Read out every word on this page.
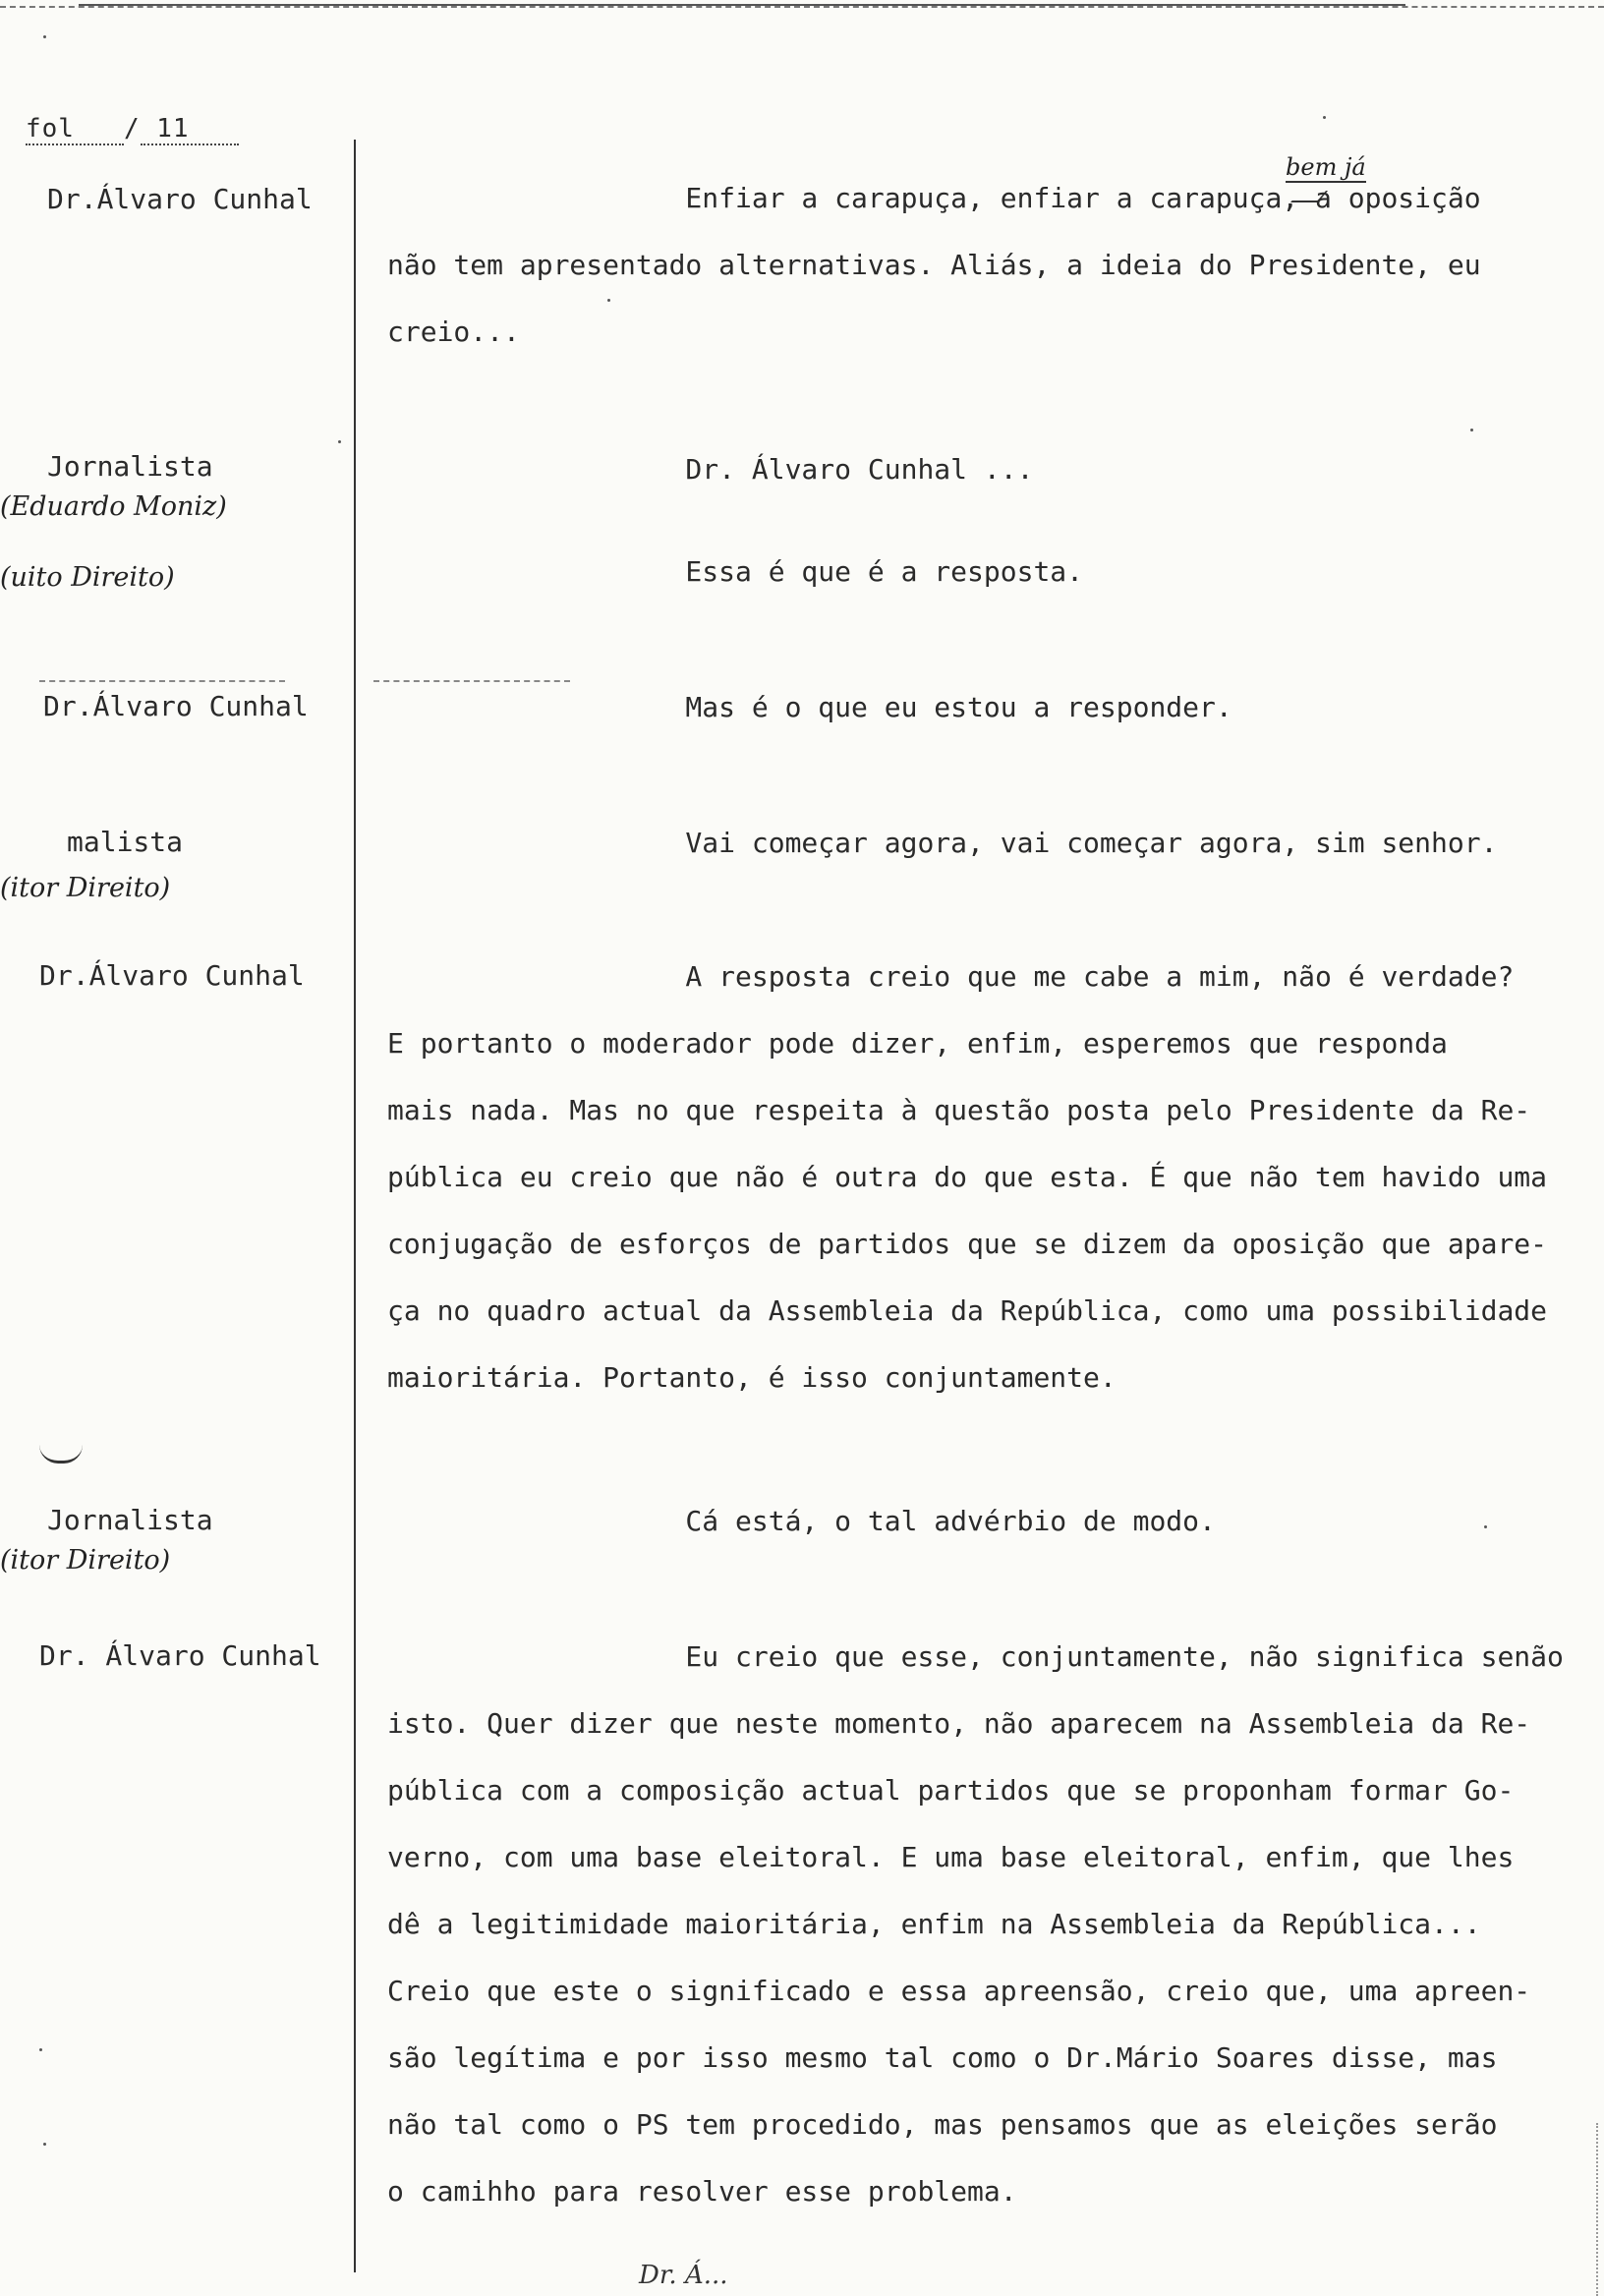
fol / 11
Dr.Álvaro Cunhal
Jornalista
(Eduardo Moniz)
(uito Direito)
Dr.Álvaro Cunhal
malista
(itor Direito)
Dr.Álvaro Cunhal
Jornalista
(itor Direito)
Dr. Álvaro Cunhal
bem já
Enfiar a carapuça, enfiar a carapuça, a oposição
não tem apresentado alternativas. Aliás, a ideia do Presidente, eu
creio...
Dr. Álvaro Cunhal ...
Essa é que é a resposta.
Mas é o que eu estou a responder.
Vai começar agora, vai começar agora, sim senhor.
A resposta creio que me cabe a mim, não é verdade?
E portanto o moderador pode dizer, enfim, esperemos que responda
mais nada. Mas no que respeita à questão posta pelo Presidente da Re-
pública eu creio que não é outra do que esta. É que não tem havido uma
conjugação de esforços de partidos que se dizem da oposição que apare-
ça no quadro actual da Assembleia da República, como uma possibilidade
maioritária. Portanto, é isso conjuntamente.
Cá está, o tal advérbio de modo.
Eu creio que esse, conjuntamente, não significa senão
isto. Quer dizer que neste momento, não aparecem na Assembleia da Re-
pública com a composição actual partidos que se proponham formar Go-
verno, com uma base eleitoral. E uma base eleitoral, enfim, que lhes
dê a legitimidade maioritária, enfim na Assembleia da República...
Creio que este o significado e essa apreensão, creio que, uma apreen-
são legítima e por isso mesmo tal como o Dr.Mário Soares disse, mas
não tal como o PS tem procedido, mas pensamos que as eleições serão
o camihho para resolver esse problema.
Dr. Á...
